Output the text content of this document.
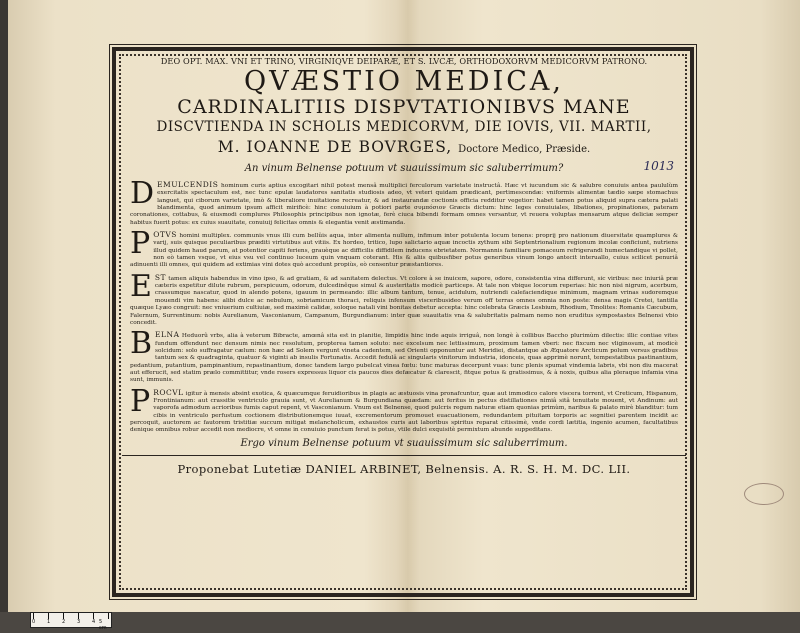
DEO OPT. MAX. VNI ET TRINO, VIRGINIQVE DEIPARÆ, ET S. LVCÆ, ORTHODOXORVM MEDICORVM PATRONO.
QVÆSTIO MEDICA,
CARDINALITIIS DISPVTATIONIBVS MANE
DISCVTIENDA IN SCHOLIS MEDICORVM, DIE IOVIS, VII. MARTII,
M. IOANNE DE BOVRGES, Doctore Medico, Præside.
An vinum Belnense potuum vt suauissimum sic saluberrimum?	1013
D EMULCENDIS hominum curis aptius excogitari nihil potest mensâ multiplici ferculorum varietate instructâ. Hæc vt iucundum sic & salubre conuiuis antea paululùm exercitatis spectaculum est, nec tunc epulæ laudatores sanitatis studiosis adeo, vt veteri quidam prædicant, pertimescendæ: vniformis alimentæ tædio sæpe stomachus languet, qui ciborum varietate, imò & liberaliore inuitatione recreatur, & ad instaurandæ coctionis officia redditur vegetior: habet tamen potus aliquid supra cætera palati blandimenta, quod animum ipsum afficit mirificè: hinc conuiuium à potiori parte συμπόσιον Græcis dictum: hinc leges conuiuiales, libationes, propinationes, pateram coronationes, cottabus, & eiusmodi complures Philosophis principibus non ignotæ, ferè ciuca bibendi formam omnes versantur, vt reuera voluptas mensarum atque deliciæ semper habitus fuerit potus: ex cuius suauitate, conuiuij felicitas omnis & elegantia venit æstimanda.
P OTVS homini multiplex. communis vnus illi cum bellûis aqua, inter alimenta nullum, infimum inter potulenta locum tenens: proprij pro nationum diuersitate quamplures & varij, suis quisque peculiaribus præditi virtutibus aut vitiis. Ex hordeo, tritico, lupo salictario aquæ incoctis zythum sibi Septentrionalium regionum incolæ conficiunt, nutriens illud quidem haud parum, at potentior capiti feriens, grauèque ac difficilis diffidilem inducens ebrietatem. Normannis familiare pomaceum refrigerandi humectandique vi pollet, non eò tamen vsque, vt eius vsu vel continuo luceum quin vnquam coterant. His & aliis quibusfiber potus generibus vinum longo antecit interuallo, cuius scilicet penuriâ adinuenti illi omnes, qui quidem ad extimias vini dotes quò accedunt propiùs, eò censentur præstantiores.
E ST tamen aliquis habendus in vino ipso, & ad gratiam, & ad sanitatem delectus. Vt colore à se inuicem, sapore, odore, consistentia vina differunt, sic viribus: nec iniuriâ præ cæteris expetitur dilute rubrum, perspicuum, odorum, dulcedinêque simul & austeritatis modicè particeps. At tale non vbique locorum reperias: hic non nisi nigrum, acerbum, crassumque nascatur, quod in alendo potens, igauum in permeando: illic album tantum, tenue, acidulum, nutriendi calefaciendique minimum, magnam vrinas sudoremque mouendi vim habens: alibi dulce ac nebulum, sobriamicum thoraci, reliquis infensum visceribusideo verum off terras omnes omnia non poste: densa magis Cretei, tantilla quæque Lyæo congruit: nec vniuerium cultiuiæ, sed maximè calidæ, soloque natali vini bonitas debetur accepta: hinc celebrata Græcis Lesbium, Rhodium, Tmolites: Romanis Cæcubum, Falernum, Surrentinum: nobis Aurelianum, Vasconianum, Campanum, Burgundianum: inter quæ suauitatis vna & salubritatis palmam nemo non eruditus sympostastes Belnensi vbio concedit.
B ELNA Heduorû vrbs, alia à veterum Bibracte, amœnâ sita est in planitie, limpidis hinc inde aquis irriguâ, non longè à collibus Baccho plurimùm dilectis: illic contiae vites fundum offendunt nec densum nimis nec resolutum, propterea tamen soluto: nec excelsum nec lettissimum, proximum tamen vberi: nec fixcum nec vliginosum, at modicè solcidum: solo suffragatur cælum: non hæc ad Solem vergunt vineta cadentem, sed Orienti opponuntur aut Meridiei, distantque ab Æquatore Arcticum polum versus gradibus tantum sex & quadraginta, quatuor & viginti ab insulis Fortunatis. Accedit fedulâ ac singularis vinitorum industria, idonceis, quas apprimè norunt, tempestatibus pastinantium, pedantium, putantium, pampinantium, repastinantium, donec tandem largo pubelcat vinea fœtu: tunc maturas decerpunt vuas: tunc plenis spumat vindemia labris, vbi non diu macerat aut efferucit, sed statim prælo committitur, vnde rosers expressus liquor cis paucos dies defæcatur & clarescit, fitque potus & gratissimus, & à noxis, quibus alia pleraque infamia vina sunt, immunis.
P ROCVL igitur à mensis absint exotica, & quæcumque feruidioribus in plagis ac æstuosis vina pronafcuntur, quæ aut immodico calore viscera torrent, vt Creticum, Hispanum, Frontinianum: aut crassitie ventriculo grauia sunt, vt Aurelianum & Burgundiana quædam: aut feritus in pectus distillationes nimiâ sitâ tenuitate mouent, vt Andinum: aut vaporofa admodum acrioribus fumis caput repent, vt Vasconianum. Vnum est Belnense, quod pulcris regum naturæ etiam quonias primùm, naribus & palato mirè blanditur: tum cibis in ventriculo perfustum coctionem distributionemque iuuat, excrementorum promouet euacuationem, redundantem pituitam torporis ac segnitiei parentem incidit ac percoquit, auctorem ac fautorem tristitiæ succum mitigat melancholicum, exhaustos curis aut laboribus spiritus reparat citissimè, vnde cordi lætitia, ingenio acumen, facultatibus denique omnibus robur accedit non mediocre, vt omne in conuiuio punctum ferat is potus, vtile dulci exquisitè permixtum abunde suppeditans.
Ergo vinum Belnense potuum vt suauissimum sic saluberrimum.
Proponebat Lutetiæ DANIEL ARBINET, Belnensis. A. R. S. H. M. DC. LII.
0 1 2 3 4 5 cm
